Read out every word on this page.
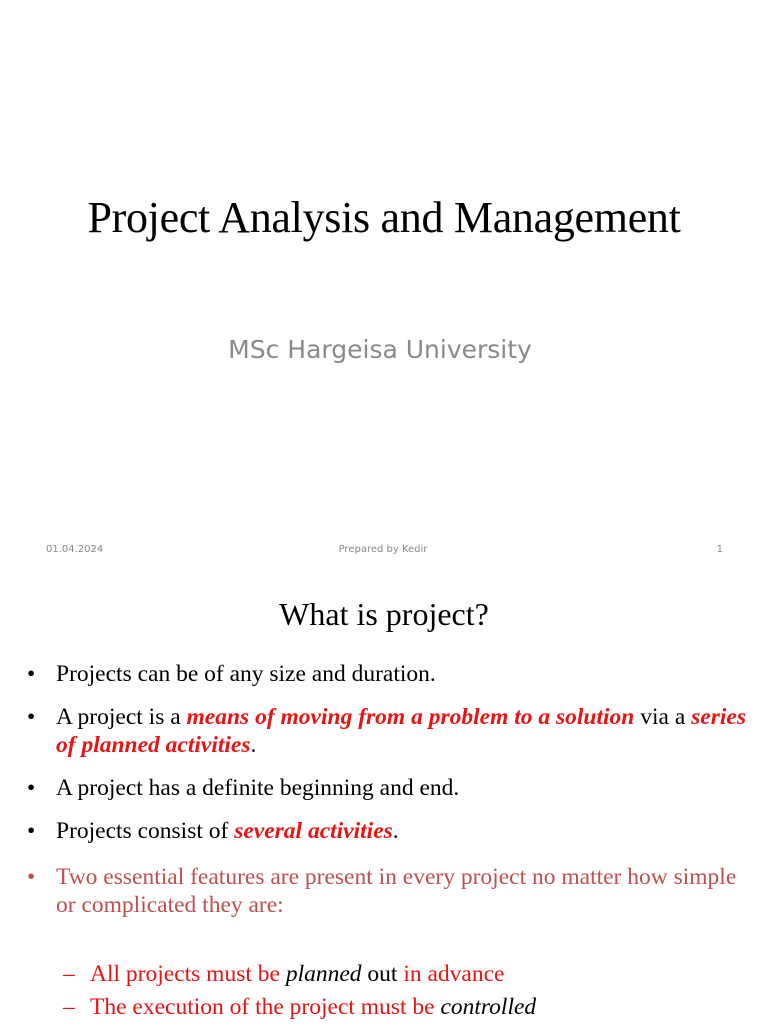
Project Analysis and Management
MSc Hargeisa University
01.04.2024	Prepared by Kedir	1
What is project?
• Projects can be of any size and duration.
• A project is a means of moving from a problem to a solution via a series of planned activities.
• A project has a definite beginning and end.
• Projects consist of several activities.
• Two essential features are present in every project no matter how simple or complicated they are:
– All projects must be planned out in advance
– The execution of the project must be controlled
